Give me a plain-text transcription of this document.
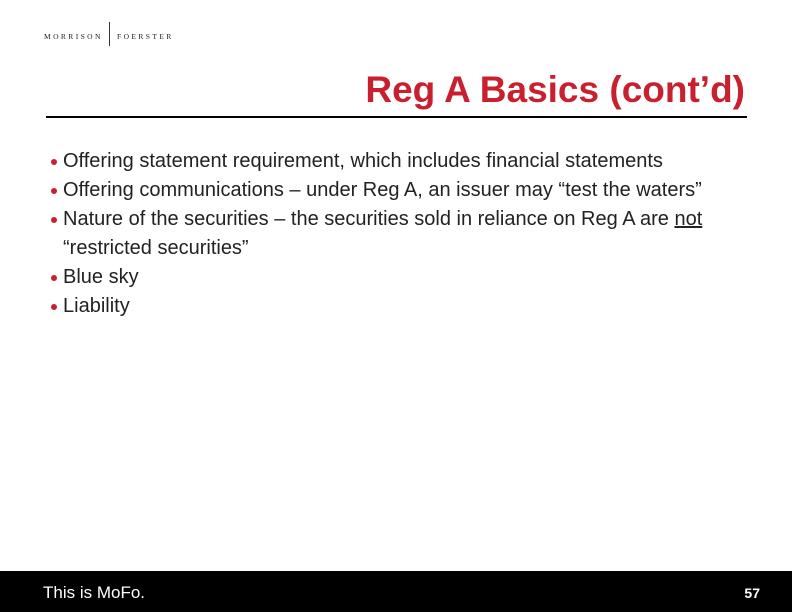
MORRISON FOERSTER
Reg A Basics (cont’d)
Offering statement requirement, which includes financial statements
Offering communications – under Reg A, an issuer may “test the waters”
Nature of the securities – the securities sold in reliance on Reg A are not “restricted securities”
Blue sky
Liability
This is MoFo.	57
